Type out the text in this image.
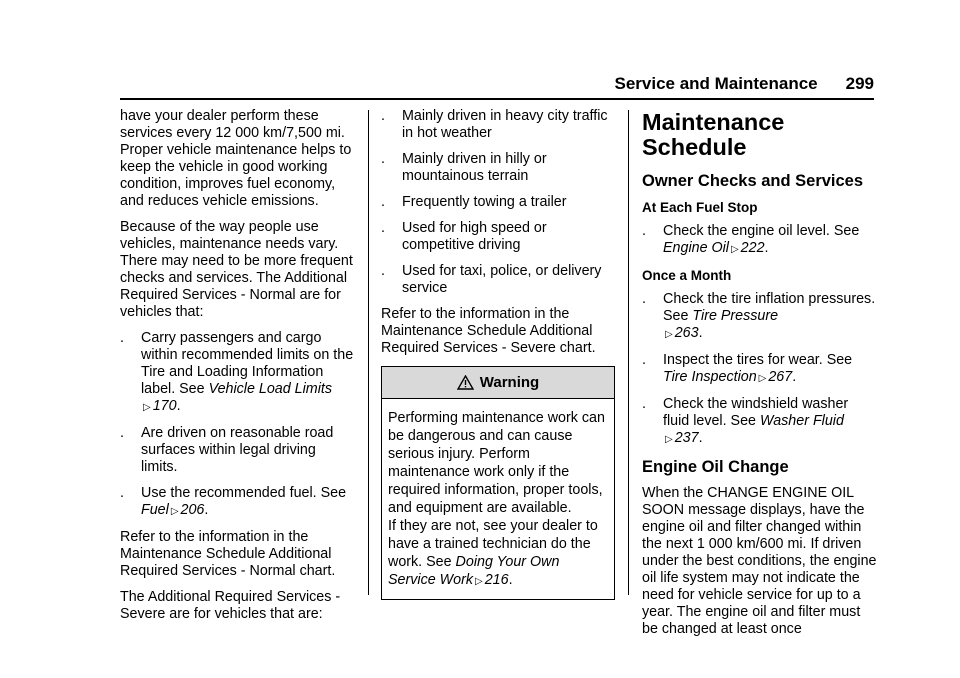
Service and Maintenance 299

have your dealer perform these services every 12 000 km/7,500 mi. Proper vehicle maintenance helps to keep the vehicle in good working condition, improves fuel economy, and reduces vehicle emissions.

Because of the way people use vehicles, maintenance needs vary. There may need to be more frequent checks and services. The Additional Required Services - Normal are for vehicles that:

. Carry passengers and cargo within recommended limits on the Tire and Loading Information label. See Vehicle Load Limits
▷ 170.
. Are driven on reasonable road surfaces within legal driving limits.
. Use the recommended fuel. See
Fuel ▷ 206.

Refer to the information in the Maintenance Schedule Additional Required Services - Normal chart.

The Additional Required Services - Severe are for vehicles that are:

. Mainly driven in heavy city traffic in hot weather
. Mainly driven in hilly or mountainous terrain
. Frequently towing a trailer
. Used for high speed or competitive driving
. Used for taxi, police, or delivery service

Refer to the information in the Maintenance Schedule Additional Required Services - Severe chart.

Warning

Performing maintenance work can be dangerous and can cause serious injury. Perform maintenance work only if the required information, proper tools, and equipment are available.

If they are not, see your dealer to have a trained technician do the work. See Doing Your Own Service Work ▷ 216.

Maintenance Schedule
Owner Checks and Services
At Each Fuel Stop
. Check the engine oil level. See
Engine Oil ▷ 222.
Once a Month
. Check the tire inflation pressures. See Tire Pressure
▷ 263.
. Inspect the tires for wear. See
Tire Inspection ▷ 267.
. Check the windshield washer fluid level. See Washer Fluid
▷ 237.
Engine Oil Change

When the CHANGE ENGINE OIL SOON message displays, have the engine oil and filter changed within the next 1 000 km/600 mi. If driven under the best conditions, the engine oil life system may not indicate the need for vehicle service for up to a year. The engine oil and filter must be changed at least once
